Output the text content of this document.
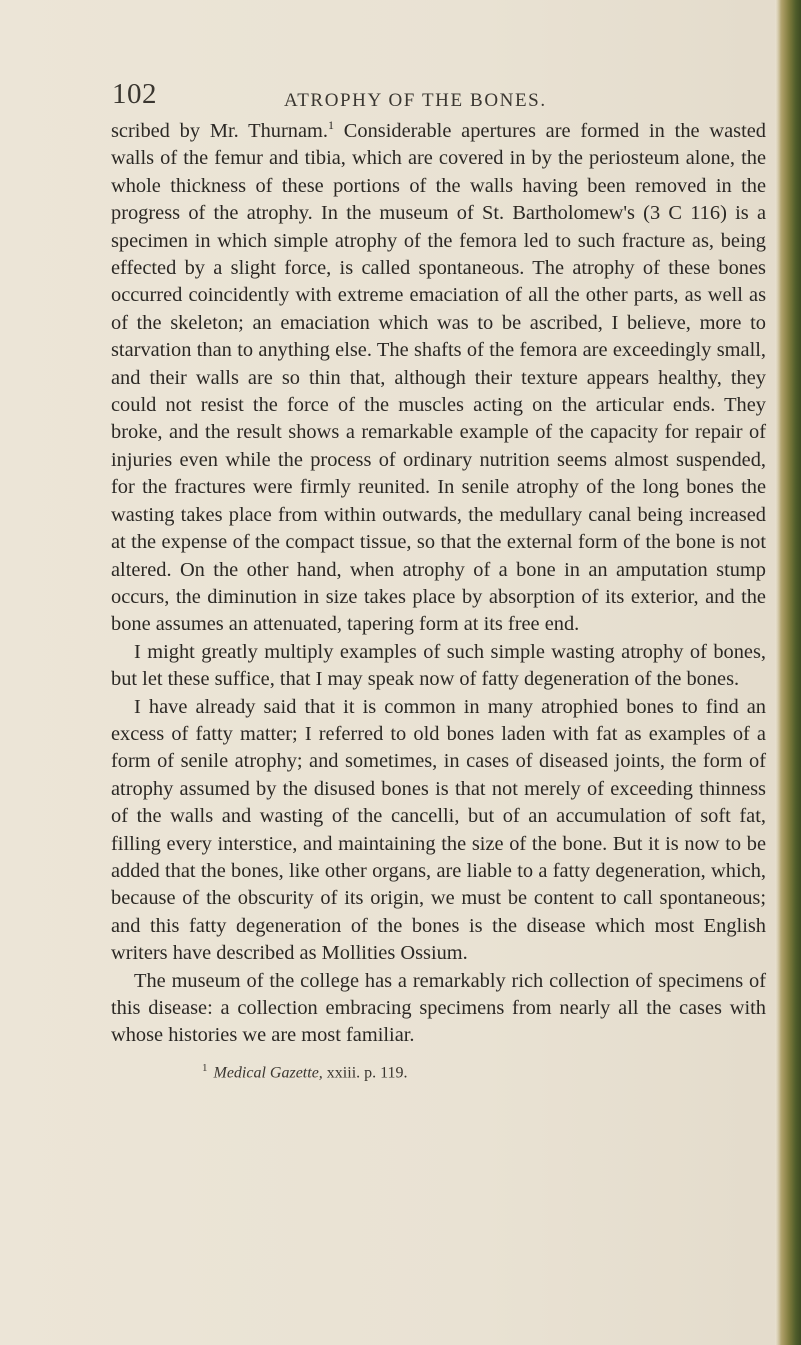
102	ATROPHY OF THE BONES.

scribed by Mr. Thurnam.$^1$ Considerable apertures are formed in the wasted walls of the femur and tibia, which are covered in by the periosteum alone, the whole thickness of these portions of the walls having been removed in the progress of the atrophy. In the museum of St. Bartholomew's (3 C 116) is a specimen in which simple atrophy of the femora led to such fracture as, being effected by a slight force, is called spontaneous. The atrophy of these bones occurred coincidently with extreme emaciation of all the other parts, as well as of the skeleton; an emaciation which was to be ascribed, I believe, more to starvation than to anything else. The shafts of the femora are exceedingly small, and their walls are so thin that, although their texture appears healthy, they could not resist the force of the muscles acting on the articular ends. They broke, and the result shows a remarkable example of the capacity for repair of injuries even while the process of ordinary nutrition seems almost suspended, for the fractures were firmly reunited. In senile atrophy of the long bones the wasting takes place from within outwards, the medullary canal being increased at the expense of the compact tissue, so that the external form of the bone is not altered. On the other hand, when atrophy of a bone in an amputation stump occurs, the diminution in size takes place by absorption of its exterior, and the bone assumes an attenuated, tapering form at its free end.

I might greatly multiply examples of such simple wasting atrophy of bones, but let these suffice, that I may speak now of fatty degeneration of the bones.

I have already said that it is common in many atrophied bones to find an excess of fatty matter; I referred to old bones laden with fat as examples of a form of senile atrophy; and sometimes, in cases of diseased joints, the form of atrophy assumed by the disused bones is that not merely of exceeding thinness of the walls and wasting of the cancelli, but of an accumulation of soft fat, filling every interstice, and maintaining the size of the bone. But it is now to be added that the bones, like other organs, are liable to a fatty degeneration, which, because of the obscurity of its origin, we must be content to call spontaneous; and this fatty degeneration of the bones is the disease which most English writers have described as Mollities Ossium.

The museum of the college has a remarkably rich collection of specimens of this disease: a collection embracing specimens from nearly all the cases with whose histories we are most familiar.

$^1$ Medical Gazette, xxiii. p. 119.
